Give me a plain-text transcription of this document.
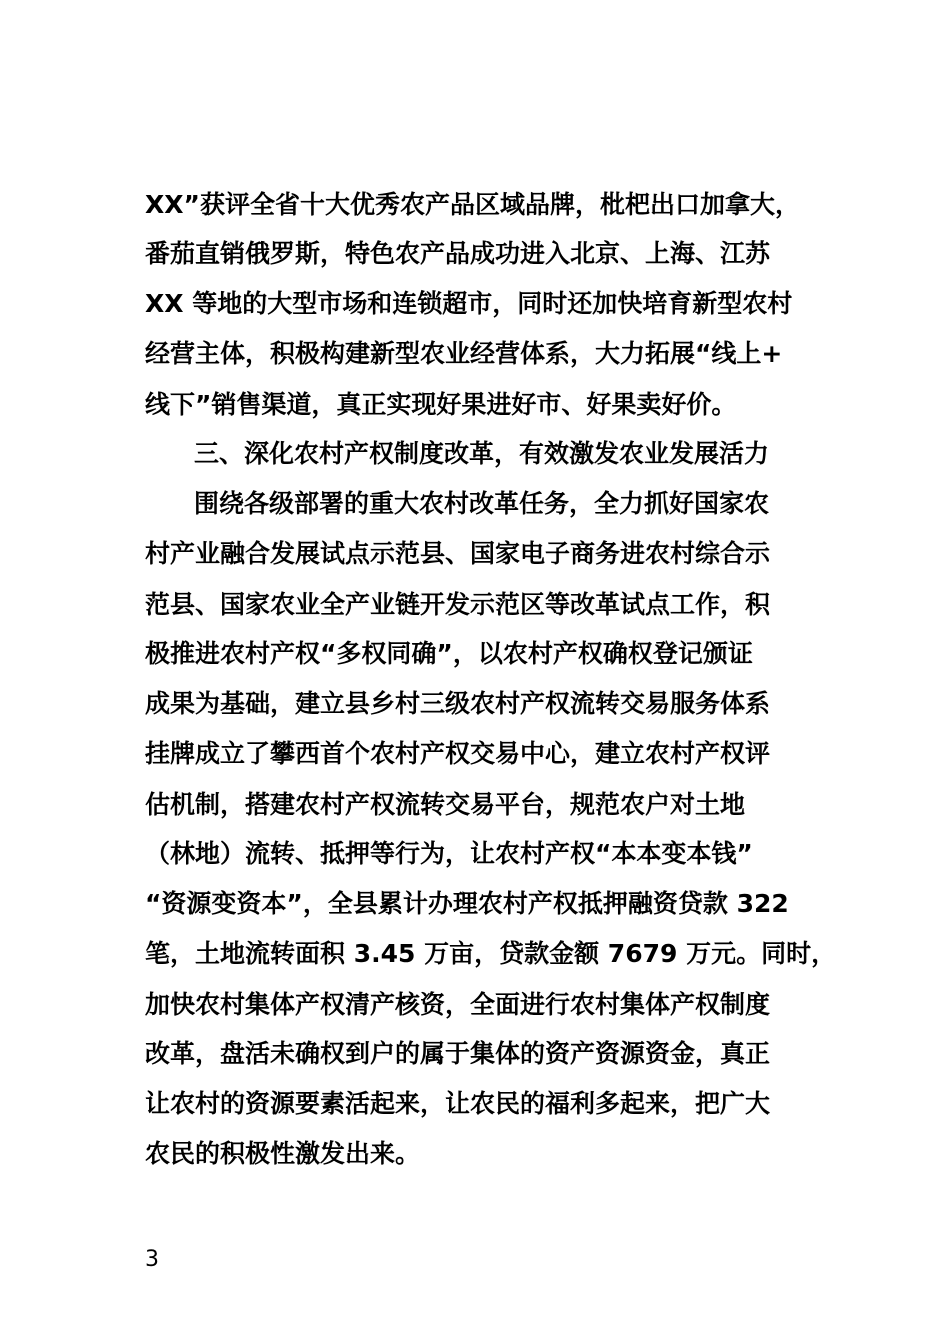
XX”获评全省十大优秀农产品区域品牌，枇杷出口加拿大，
番茄直销俄罗斯，特色农产品成功进入北京、上海、江苏
XX 等地的大型市场和连锁超市，同时还加快培育新型农村
经营主体，积极构建新型农业经营体系，大力拓展“线上+
线下”销售渠道，真正实现好果进好市、好果卖好价。
三、深化农村产权制度改革，有效激发农业发展活力
围绕各级部署的重大农村改革任务，全力抓好国家农
村产业融合发展试点示范县、国家电子商务进农村综合示
范县、国家农业全产业链开发示范区等改革试点工作，积
极推进农村产权“多权同确”，以农村产权确权登记颁证
成果为基础，建立县乡村三级农村产权流转交易服务体系
挂牌成立了攀西首个农村产权交易中心，建立农村产权评
估机制，搭建农村产权流转交易平台，规范农户对土地
（林地）流转、抵押等行为，让农村产权“本本变本钱”
“资源变资本”，全县累计办理农村产权抵押融资贷款 322
笔，土地流转面积 3.45 万亩，贷款金额 7679 万元。同时，
加快农村集体产权清产核资，全面进行农村集体产权制度
改革，盘活未确权到户的属于集体的资产资源资金，真正
让农村的资源要素活起来，让农民的福利多起来，把广大
农民的积极性激发出来。
3
